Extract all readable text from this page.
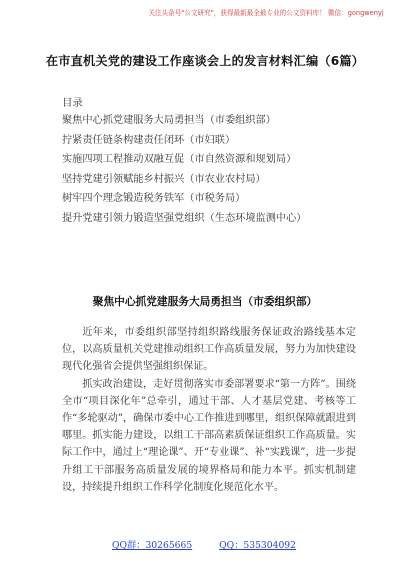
关注头条号"公文研究"，获得最新最全最专业的公文资料库！ 微信：gongwenyj
在市直机关党的建设工作座谈会上的发言材料汇编（6篇）
目录
聚焦中心抓党建服务大局勇担当（市委组织部）
拧紧责任链条构建责任闭环（市妇联）
实施四项工程推动双融互促（市自然资源和规划局）
坚持党建引领赋能乡村振兴（市农业农村局）
树牢四个理念锻造税务铁军（市税务局）
提升党建引领力锻造坚强党组织（生态环境监测中心）
聚焦中心抓党建服务大局勇担当（市委组织部）

近年来，市委组织部坚持组织路线服务保证政治路线基本定位，以高质量机关党建推动组织工作高质量发展，努力为加快建设现代化强省会提供坚强组织保证。

抓实政治建设，走好贯彻落实市委部署要求“第一方阵”。围绕全市“项目深化年”总牵引，通过干部、人才基层党建、考核等工作“多轮驱动”，确保市委中心工作推进到哪里，组织保障就跟进到哪里。抓实能力建设，以组工干部高素质保证组织工作高质量。实际工作中，通过上“理论课”、开“专业课”、补“实践课”，进一步提升组工干部服务高质量发展的境界格局和能力本平。抓实机制建设，持续提升组织工作科学化制度化规范化水平。

QQ群：30265665	QQ：535304092
